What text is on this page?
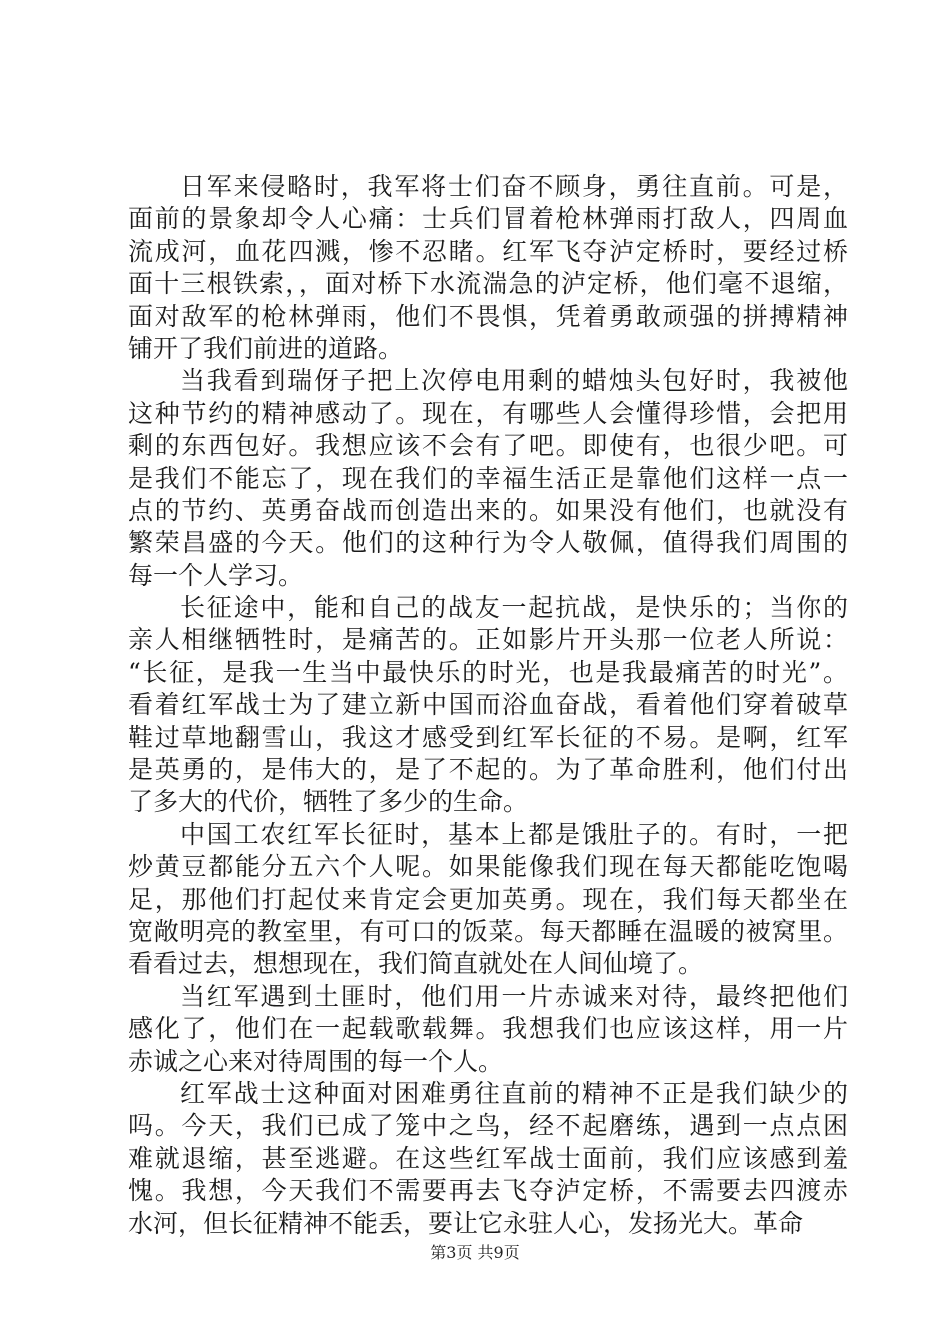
日军来侵略时，我军将士们奋不顾身，勇往直前。可是，
面前的景象却令人心痛：士兵们冒着枪林弹雨打敌人，四周血
流成河，血花四溅，惨不忍睹。红军飞夺泸定桥时，要经过桥
面十三根铁索，，面对桥下水流湍急的泸定桥，他们毫不退缩，
面对敌军的枪林弹雨，他们不畏惧，凭着勇敢顽强的拼搏精神
铺开了我们前进的道路。
当我看到瑞伢子把上次停电用剩的蜡烛头包好时，我被他
这种节约的精神感动了。现在，有哪些人会懂得珍惜，会把用
剩的东西包好。我想应该不会有了吧。即使有，也很少吧。可
是我们不能忘了，现在我们的幸福生活正是靠他们这样一点一
点的节约、英勇奋战而创造出来的。如果没有他们，也就没有
繁荣昌盛的今天。他们的这种行为令人敬佩，值得我们周围的
每一个人学习。
长征途中，能和自己的战友一起抗战，是快乐的；当你的
亲人相继牺牲时，是痛苦的。正如影片开头那一位老人所说：
“长征，是我一生当中最快乐的时光，也是我最痛苦的时光”。
看着红军战士为了建立新中国而浴血奋战，看着他们穿着破草
鞋过草地翻雪山，我这才感受到红军长征的不易。是啊，红军
是英勇的，是伟大的，是了不起的。为了革命胜利，他们付出
了多大的代价，牺牲了多少的生命。
中国工农红军长征时，基本上都是饿肚子的。有时，一把
炒黄豆都能分五六个人呢。如果能像我们现在每天都能吃饱喝
足，那他们打起仗来肯定会更加英勇。现在，我们每天都坐在
宽敞明亮的教室里，有可口的饭菜。每天都睡在温暖的被窝里。
看看过去，想想现在，我们简直就处在人间仙境了。
当红军遇到土匪时，他们用一片赤诚来对待，最终把他们
感化了，他们在一起载歌载舞。我想我们也应该这样，用一片
赤诚之心来对待周围的每一个人。
红军战士这种面对困难勇往直前的精神不正是我们缺少的
吗。今天，我们已成了笼中之鸟，经不起磨练，遇到一点点困
难就退缩，甚至逃避。在这些红军战士面前，我们应该感到羞
愧。我想，今天我们不需要再去飞夺泸定桥，不需要去四渡赤
水河，但长征精神不能丢，要让它永驻人心，发扬光大。革命
第3页 共9页
